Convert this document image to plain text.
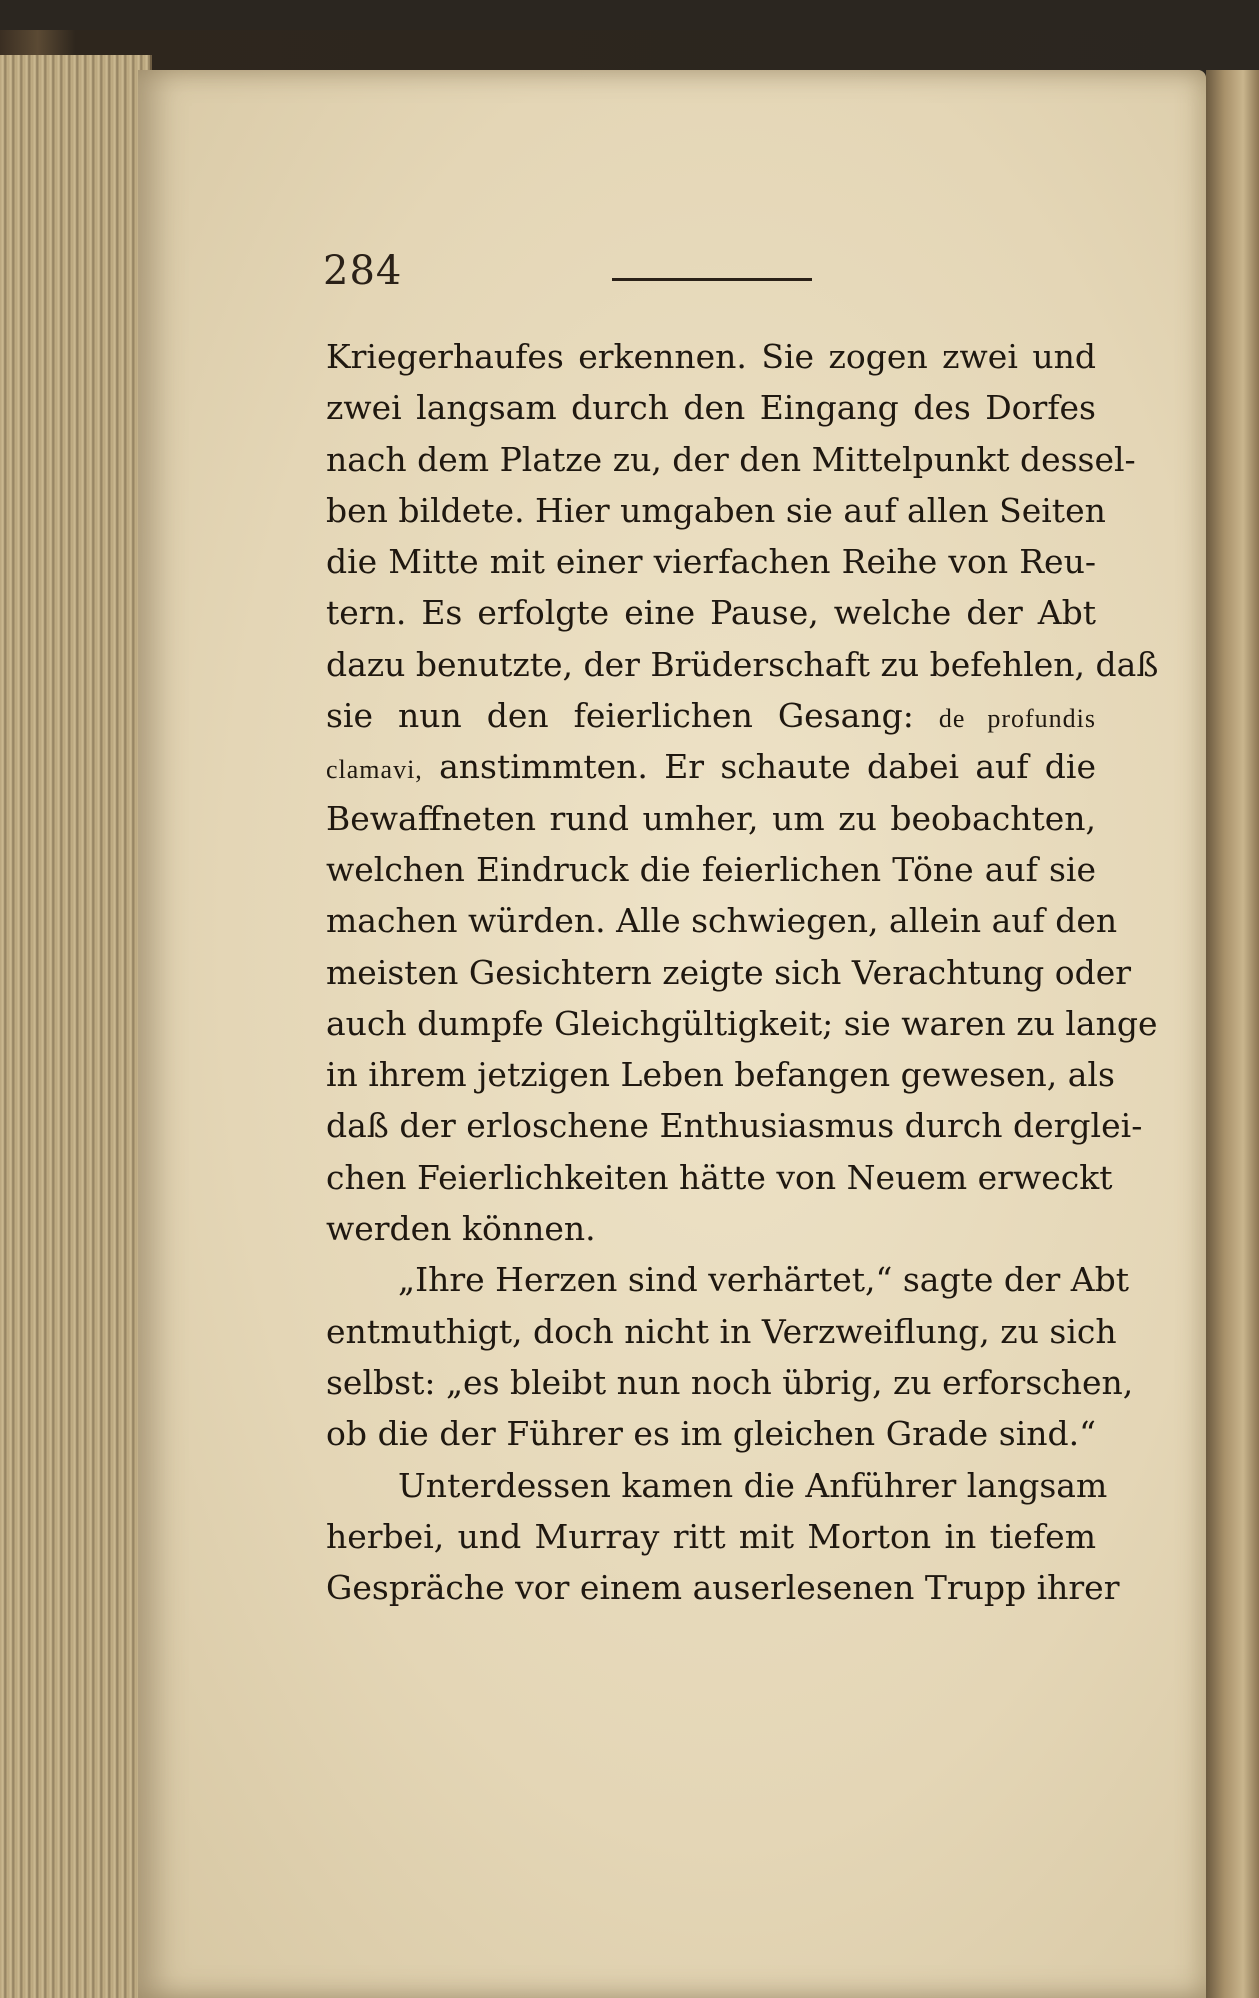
284
Kriegerhaufes erkennen. Sie zogen zwei und
zwei langsam durch den Eingang des Dorfes
nach dem Platze zu, der den Mittelpunkt dessel-
ben bildete. Hier umgaben sie auf allen Seiten
die Mitte mit einer vierfachen Reihe von Reu-
tern. Es erfolgte eine Pause, welche der Abt
dazu benutzte, der Brüderschaft zu befehlen, daß
sie nun den feierlichen Gesang: de profundis
clamavi, anstimmten. Er schaute dabei auf die
Bewaffneten rund umher, um zu beobachten,
welchen Eindruck die feierlichen Töne auf sie
machen würden. Alle schwiegen, allein auf den
meisten Gesichtern zeigte sich Verachtung oder
auch dumpfe Gleichgültigkeit; sie waren zu lange
in ihrem jetzigen Leben befangen gewesen, als
daß der erloschene Enthusiasmus durch derglei-
chen Feierlichkeiten hätte von Neuem erweckt
werden können.
„Ihre Herzen sind verhärtet,“ sagte der Abt
entmuthigt, doch nicht in Verzweiflung, zu sich
selbst: „es bleibt nun noch übrig, zu erforschen,
ob die der Führer es im gleichen Grade sind.“
Unterdessen kamen die Anführer langsam
herbei, und Murray ritt mit Morton in tiefem
Gespräche vor einem auserlesenen Trupp ihrer
